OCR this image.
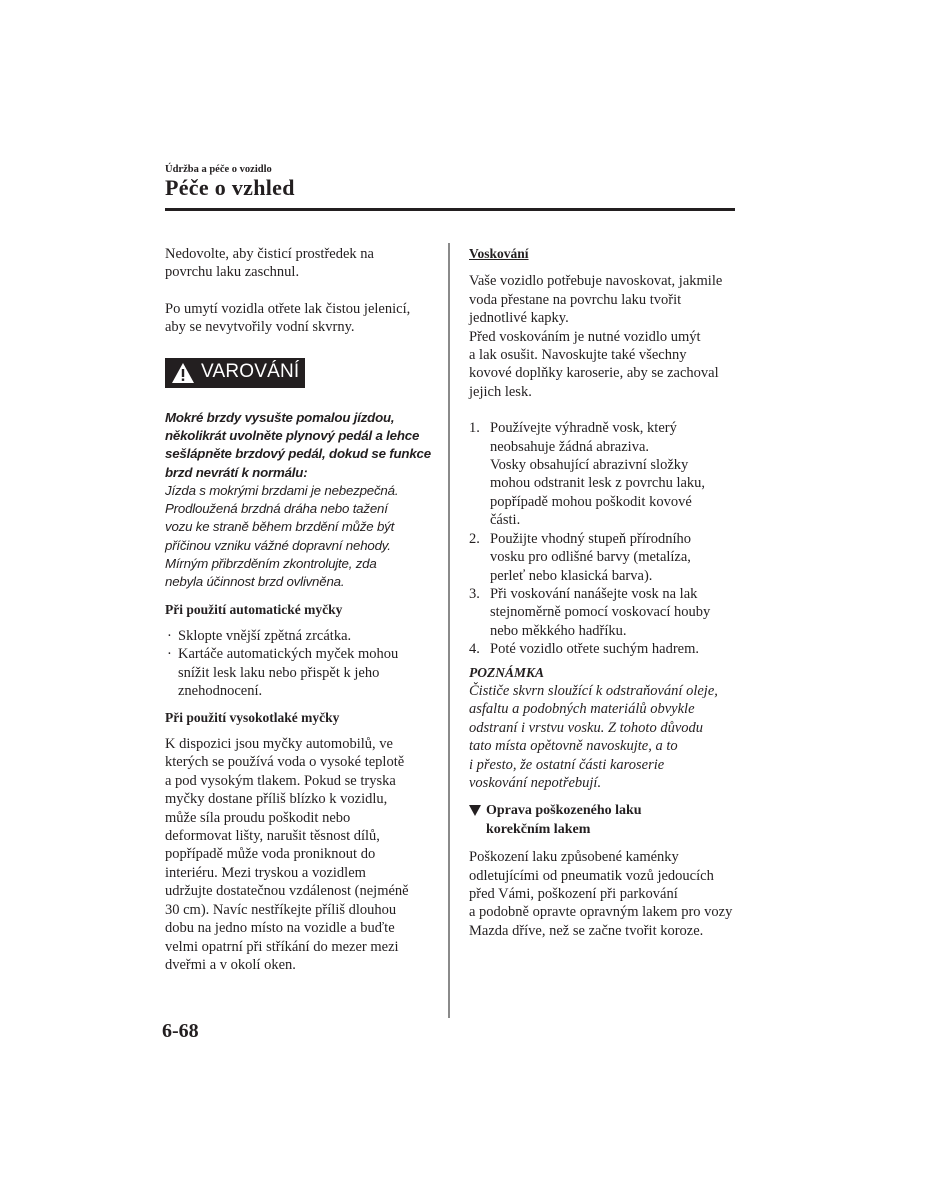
Údržba a péče o vozidlo
Péče o vzhled

Nedovolte, aby čisticí prostředek na
povrchu laku zaschnul.

Po umytí vozidla otřete lak čistou jelenicí,
aby se nevytvořily vodní skvrny.

VAROVÁNÍ
Mokré brzdy vysušte pomalou jízdou,
několikrát uvolněte plynový pedál a lehce
sešlápněte brzdový pedál, dokud se funkce
brzd nevrátí k normálu:
Jízda s mokrými brzdami je nebezpečná.
Prodloužená brzdná dráha nebo tažení
vozu ke straně během brzdění může být
příčinou vzniku vážné dopravní nehody.
Mírným přibrzděním zkontrolujte, zda
nebyla účinnost brzd ovlivněna.
Při použití automatické myčky
· Sklopte vnější zpětná zrcátka.
· Kartáče automatických myček mohou
snížit lesk laku nebo přispět k jeho
znehodnocení.
Při použití vysokotlaké myčky

K dispozici jsou myčky automobilů, ve
kterých se používá voda o vysoké teplotě
a pod vysokým tlakem. Pokud se tryska
myčky dostane příliš blízko k vozidlu,
může síla proudu poškodit nebo
deformovat lišty, narušit těsnost dílů,
popřípadě může voda proniknout do
interiéru. Mezi tryskou a vozidlem
udržujte dostatečnou vzdálenost (nejméně
30 cm). Navíc nestříkejte příliš dlouhou
dobu na jedno místo na vozidle a buďte
velmi opatrní při stříkání do mezer mezi
dveřmi a v okolí oken.

Voskování

Vaše vozidlo potřebuje navoskovat, jakmile
voda přestane na povrchu laku tvořit
jednotlivé kapky.
Před voskováním je nutné vozidlo umýt
a lak osušit. Navoskujte také všechny
kovové doplňky karoserie, aby se zachoval
jejich lesk.

1. Používejte výhradně vosk, který
neobsahuje žádná abraziva.
Vosky obsahující abrazivní složky
mohou odstranit lesk z povrchu laku,
popřípadě mohou poškodit kovové
části.
2. Použijte vhodný stupeň přírodního
vosku pro odlišné barvy (metalíza,
perleť nebo klasická barva).
3. Při voskování nanášejte vosk na lak
stejnoměrně pomocí voskovací houby
nebo měkkého hadříku.
4. Poté vozidlo otřete suchým hadrem.
POZNÁMKA

Čističe skvrn sloužící k odstraňování oleje,
asfaltu a podobných materiálů obvykle
odstraní i vrstvu vosku. Z tohoto důvodu
tato místa opětovně navoskujte, a to
i přesto, že ostatní části karoserie
voskování nepotřebují.

Oprava poškozeného laku
korekčním lakem

Poškození laku způsobené kaménky
odletujícími od pneumatik vozů jedoucích
před Vámi, poškození při parkování
a podobně opravte opravným lakem pro vozy
Mazda dříve, než se začne tvořit koroze.

6-68
